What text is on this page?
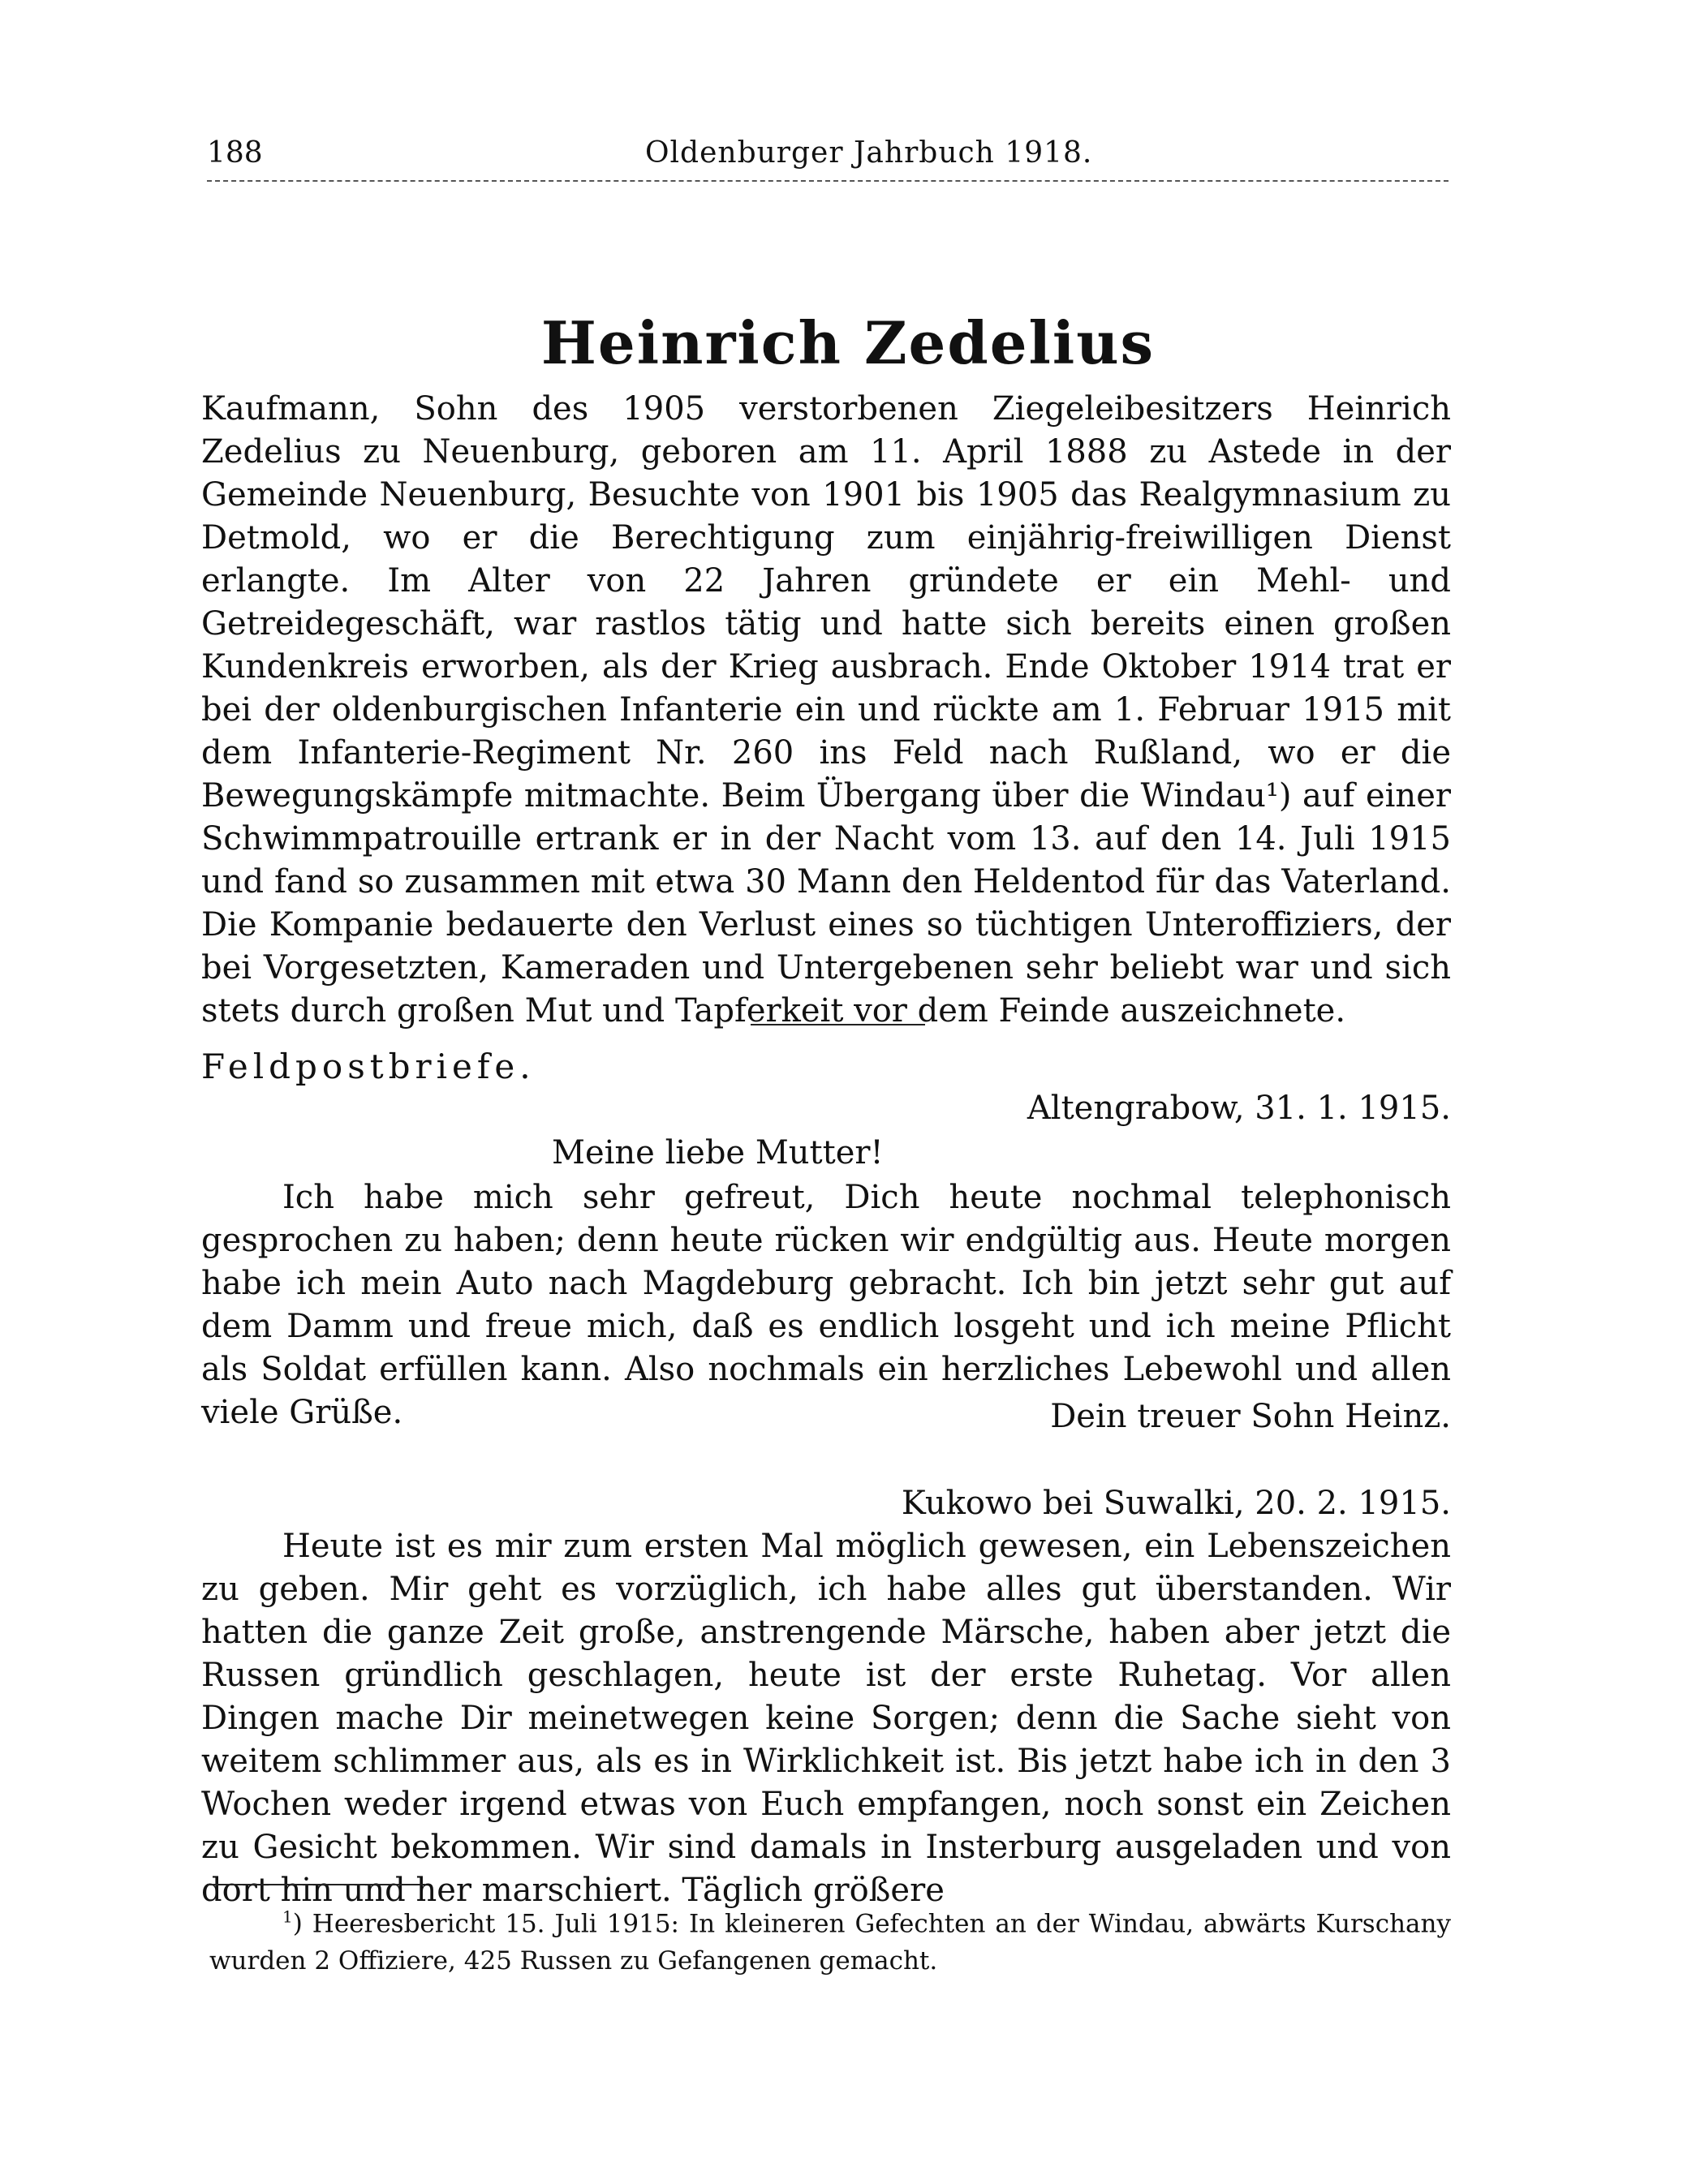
188	Oldenburger Jahrbuch 1918.
Heinrich Zedelius
Kaufmann, Sohn des 1905 verstorbenen Ziegeleibesitzers Heinrich Zedelius zu Neuenburg, geboren am 11. April 1888 zu Astede in der Gemeinde Neuenburg, Besuchte von 1901 bis 1905 das Realgymnasium zu Detmold, wo er die Berechtigung zum einjährig-freiwilligen Dienst erlangte. Im Alter von 22 Jahren gründete er ein Mehl- und Getreidegeschäft, war rastlos tätig und hatte sich bereits einen großen Kundenkreis erworben, als der Krieg ausbrach. Ende Oktober 1914 trat er bei der oldenburgischen Infanterie ein und rückte am 1. Februar 1915 mit dem Infanterie-Regiment Nr. 260 ins Feld nach Rußland, wo er die Bewegungskämpfe mitmachte. Beim Übergang über die Windau¹) auf einer Schwimmpatrouille ertrank er in der Nacht vom 13. auf den 14. Juli 1915 und fand so zusammen mit etwa 30 Mann den Heldentod für das Vaterland. Die Kompanie bedauerte den Verlust eines so tüchtigen Unteroffiziers, der bei Vorgesetzten, Kameraden und Untergebenen sehr beliebt war und sich stets durch großen Mut und Tapferkeit vor dem Feinde auszeichnete.
Feldpostbriefe.
Altengrabow, 31. 1. 1915.
Meine liebe Mutter!
Ich habe mich sehr gefreut, Dich heute nochmal telephonisch gesprochen zu haben; denn heute rücken wir endgültig aus. Heute morgen habe ich mein Auto nach Magdeburg gebracht. Ich bin jetzt sehr gut auf dem Damm und freue mich, daß es endlich losgeht und ich meine Pflicht als Soldat erfüllen kann. Also nochmals ein herzliches Lebewohl und allen viele Grüße.	Dein treuer Sohn Heinz.
Kukowo bei Suwalki, 20. 2. 1915.
Heute ist es mir zum ersten Mal möglich gewesen, ein Lebenszeichen zu geben. Mir geht es vorzüglich, ich habe alles gut überstanden. Wir hatten die ganze Zeit große, anstrengende Märsche, haben aber jetzt die Russen gründlich geschlagen, heute ist der erste Ruhetag. Vor allen Dingen mache Dir meinetwegen keine Sorgen; denn die Sache sieht von weitem schlimmer aus, als es in Wirklichkeit ist. Bis jetzt habe ich in den 3 Wochen weder irgend etwas von Euch empfangen, noch sonst ein Zeichen zu Gesicht bekommen. Wir sind damals in Insterburg ausgeladen und von dort hin und her marschiert. Täglich größere
$^1$) Heeresbericht 15. Juli 1915: In kleineren Gefechten an der Windau, abwärts Kurschany wurden 2 Offiziere, 425 Russen zu Gefangenen gemacht.
